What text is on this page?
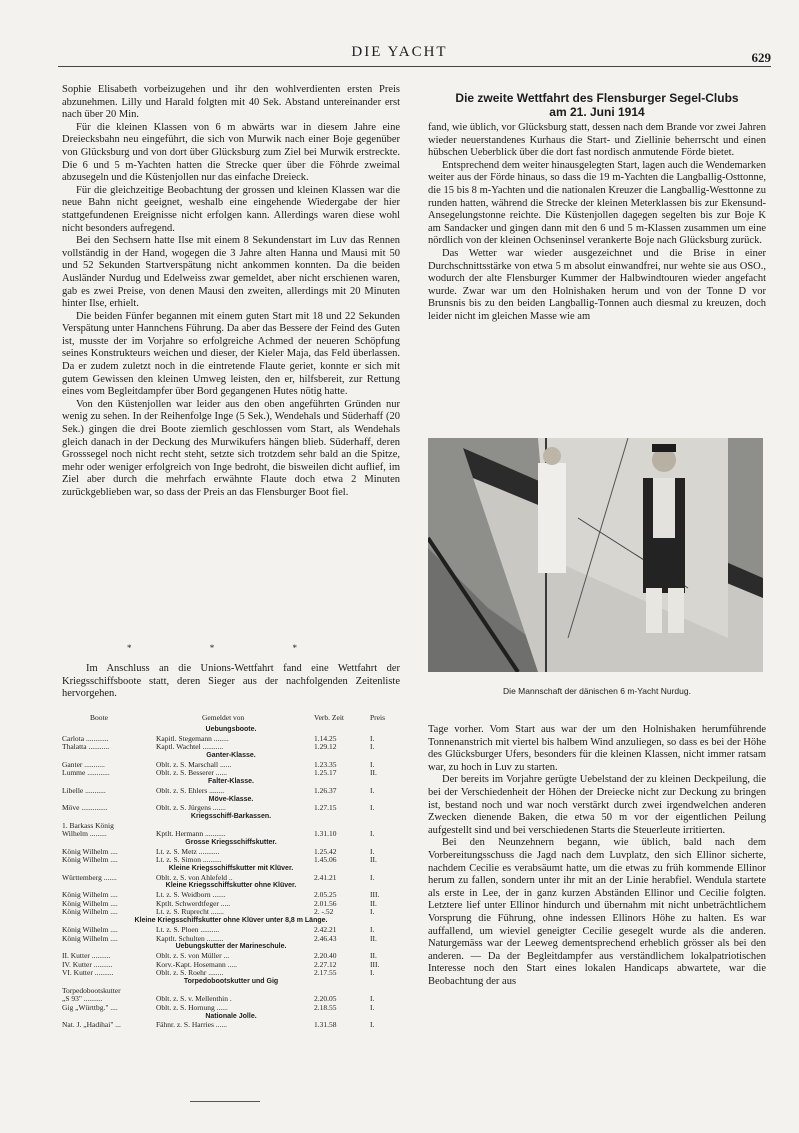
DIE YACHT	629

Sophie Elisabeth vorbeizugehen und ihr den wohlverdienten ersten Preis abzunehmen. Lilly und Harald folgten mit 40 Sek. Abstand untereinander erst nach über 20 Min.

Für die kleinen Klassen von 6 m abwärts war in diesem Jahre eine Dreiecksbahn neu eingeführt, die sich von Murwik nach einer Boje gegenüber von Glücksburg und von dort über Glücksburg zum Ziel bei Murwik erstreckte. Die 6 und 5 m-Yachten hatten die Strecke quer über die Föhrde zweimal abzusegeln und die Küstenjollen nur das einfache Dreieck.

Für die gleichzeitige Beobachtung der grossen und kleinen Klassen war die neue Bahn nicht geeignet, weshalb eine eingehende Wiedergabe der hier stattgefundenen Ereignisse nicht erfolgen kann. Allerdings waren diese wohl nicht besonders aufregend.

Bei den Sechsern hatte Ilse mit einem 8 Sekundenstart im Luv das Rennen vollständig in der Hand, wogegen die 3 Jahre alten Hanna und Mausi mit 50 und 52 Sekunden Startverspätung nicht ankommen konnten. Da die beiden Ausländer Nurdug und Edelweiss zwar gemeldet, aber nicht erschienen waren, gab es zwei Preise, von denen Mausi den zweiten, allerdings mit 20 Minuten hinter Ilse, erhielt.

Die beiden Fünfer begannen mit einem guten Start mit 18 und 22 Sekunden Verspätung unter Hannchens Führung. Da aber das Bessere der Feind des Guten ist, musste der im Vorjahre so erfolgreiche Achmed der neueren Schöpfung seines Konstrukteurs weichen und dieser, der Kieler Maja, das Feld überlassen. Da er zudem zuletzt noch in die eintretende Flaute geriet, konnte er sich mit gutem Gewissen den kleinen Umweg leisten, den er, hilfsbereit, zur Rettung eines vom Begleitdampfer über Bord gegangenen Hutes nötig hatte.

Von den Küstenjollen war leider aus den oben angeführten Gründen nur wenig zu sehen. In der Reihenfolge Inge (5 Sek.), Wendehals und Süderhaff (20 Sek.) gingen die drei Boote ziemlich geschlossen vom Start, als Wendehals gleich danach in der Deckung des Murwikufers hängen blieb. Süderhaff, deren Grosssegel noch nicht recht steht, setzte sich trotzdem sehr bald an die Spitze, mehr oder weniger erfolgreich von Inge bedroht, die bisweilen dicht auflief, im Ziel aber durch die mehrfach erwähnte Flaute doch etwa 2 Minuten zurückgeblieben war, so dass der Preis an das Flensburger Boot fiel.

* * *

Im Anschluss an die Unions-Wettfahrt fand eine Wettfahrt der Kriegsschiffsboote statt, deren Sieger aus der nachfolgenden Zeitenliste hervorgehen.

Boote	Gemeldet von	Verb. Zeit	Preis
Uebungsboote.
Carlota ............	Kapitl. Stegemann ........	1.14.25	I.
Thalatta ...........	Kaptl. Wachtel ...........	1.29.12	I.
Ganter-Klasse.
Ganter ...........	Oblt. z. S. Marschall ......	1.23.35	I.
Lumme ............	Oblt. z. S. Besserer ......	1.25.17	II.
Falter-Klasse.
Libelle ...........	Oblt. z. S. Ehlers ........	1.26.37	I.
Möve-Klasse.
Möve ..............	Oblt. z. S. Jürgens .......	1.27.15	I.
Kriegsschiff-Barkassen.
1. Barkass König
Wilhelm .........	Kptlt. Hermann ...........	1.31.10	I.
Grosse Kriegsschiffskutter.
König Wilhelm ....	Lt. z. S. Metz ...........	1.25.42	I.
König Wilhelm ....	Lt. z. S. Simon ..........	1.45.06	II.
Kleine Kriegsschiffskutter mit Klüver.
Württemberg .......	Oblt. z. S. von Ahlefeld ..	2.41.21	I.
Kleine Kriegsschiffskutter ohne Klüver.
König Wilhelm ....	Lt. z. S. Weidborn .......	2.05.25	III.
König Wilhelm ....	Kptlt. Schwerdtfeger .....	2.01.56	II.
König Wilhelm ....	Lt. z. S. Ruprecht .......	2. -.52	I.
Kleine Kriegsschiffskutter ohne Klüver unter 8,8 m Länge.
König Wilhelm ....	Lt. z. S. Ploen ..........	2.42.21	I.
König Wilhelm ....	Kaptlt. Schulten .........	2.46.43	II.
Uebungskutter der Marineschule.
II. Kutter ..........	Oblt. z. S. von Müller ...	2.20.40	II.
IV. Kutter ..........	Korv.-Kapt. Hosemann .....	2.27.12	III.
VI. Kutter ..........	Oblt. z. S. Roehr ........	2.17.55	I.
Torpedobootskutter und Gig
Torpedobootskutter
„S 93" ..........	Oblt. z. S. v. Mellenthin .	2.20.05	I.
Gig „Württbg." ....	Oblt. z. S. Hornung ......	2.18.55	I.
Nationale Jolle.
Nat. J. „Hadihai" ...	Fähnr. z. S. Harries ......	1.31.58	I.
Die zweite Wettfahrt des Flensburger Segel-Clubs
am 21. Juni 1914

fand, wie üblich, vor Glücksburg statt, dessen nach dem Brande vor zwei Jahren wieder neuerstandenes Kurhaus die Start- und Ziellinie beherrscht und einen hübschen Ueberblick über die dort fast nordisch anmutende Förde bietet.

Entsprechend dem weiter hinausgelegten Start, lagen auch die Wendemarken weiter aus der Förde hinaus, so dass die 19 m-Yachten die Langballig-Osttonne, die 15 bis 8 m-Yachten und die nationalen Kreuzer die Langballig-Westtonne zu runden hatten, während die Strecke der kleinen Meterklassen bis zur Ekensund-Ansegelungstonne reichte. Die Küstenjollen dagegen segelten bis zur Boje K am Sandacker und gingen dann mit den 6 und 5 m-Klassen zusammen um eine nördlich von der kleinen Ochseninsel verankerte Boje nach Glücksburg zurück.

Das Wetter war wieder ausgezeichnet und die Brise in einer Durchschnittsstärke von etwa 5 m absolut einwandfrei, nur wehte sie aus OSO., wodurch der alte Flensburger Kummer der Halbwindtouren wieder angefacht wurde. Zwar war um den Holnishaken herum und von der Tonne D vor Brunsnis bis zu den beiden Langballig-Tonnen auch diesmal zu kreuzen, doch leider nicht im gleichen Masse wie am

Die Mannschaft der dänischen 6 m-Yacht Nurdug.

Tage vorher. Vom Start aus war der um den Holnishaken herumführende Tonnenanstrich mit viertel bis halbem Wind anzuliegen, so dass es bei der Höhe des Glücksburger Ufers, besonders für die kleinen Klassen, nicht immer ratsam war, zu hoch in Luv zu starten.

Der bereits im Vorjahre gerügte Uebelstand der zu kleinen Deckpeilung, die bei der Verschiedenheit der Höhen der Dreiecke nicht zur Deckung zu bringen ist, bestand noch und war noch verstärkt durch zwei irgendwelchen anderen Zwecken dienende Baken, die etwa 50 m vor der eigentlichen Peilung aufgestellt sind und bei verschiedenen Starts die Steuerleute irritierten.

Bei den Neunzehnern begann, wie üblich, bald nach dem Vorbereitungsschuss die Jagd nach dem Luvplatz, den sich Ellinor sicherte, nachdem Cecilie es verabsäumt hatte, um die etwas zu früh kommende Ellinor herum zu fallen, sondern unter ihr mit an der Linie herabfiel. Wendula startete als erste in Lee, der in ganz kurzen Abständen Ellinor und Cecilie folgten. Letztere lief unter Ellinor hindurch und übernahm mit nicht unbeträchtlichem Vorsprung die Führung, ohne indessen Ellinors Höhe zu halten. Es war auffallend, um wieviel geneigter Cecilie gesegelt wurde als die anderen. Naturgemäss war der Leeweg dementsprechend erheblich grösser als bei den anderen. — Da der Begleitdampfer aus verständlichem lokalpatriotischen Interesse noch den Start eines lokalen Handicaps abwartete, war die Beobachtung der aus
